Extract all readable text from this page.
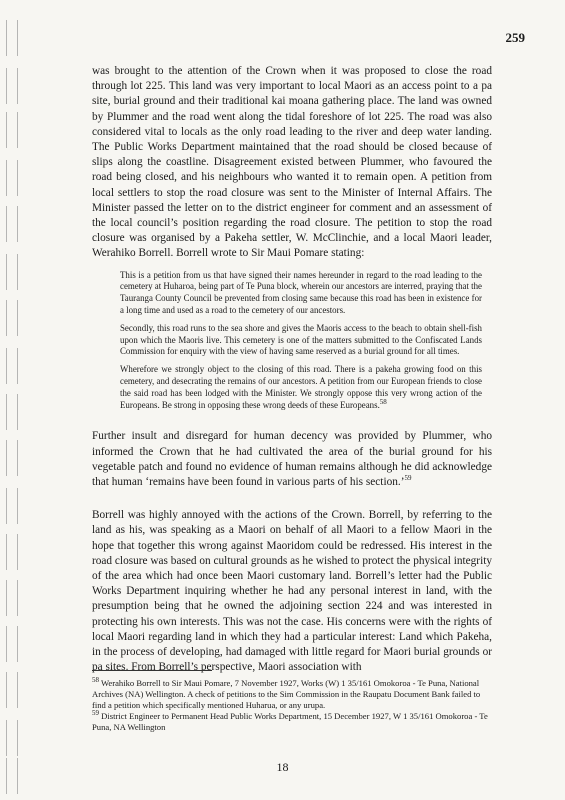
259

was brought to the attention of the Crown when it was proposed to close the road through lot 225. This land was very important to local Maori as an access point to a pa site, burial ground and their traditional kai moana gathering place. The land was owned by Plummer and the road went along the tidal foreshore of lot 225. The road was also considered vital to locals as the only road leading to the river and deep water landing. The Public Works Department maintained that the road should be closed because of slips along the coastline. Disagreement existed between Plummer, who favoured the road being closed, and his neighbours who wanted it to remain open. A petition from local settlers to stop the road closure was sent to the Minister of Internal Affairs. The Minister passed the letter on to the district engineer for comment and an assessment of the local council’s position regarding the road closure. The petition to stop the road closure was organised by a Pakeha settler, W. McClinchie, and a local Maori leader, Werahiko Borrell. Borrell wrote to Sir Maui Pomare stating:

This is a petition from us that have signed their names hereunder in regard to the road leading to the cemetery at Huharoa, being part of Te Puna block, wherein our ancestors are interred, praying that the Tauranga County Council be prevented from closing same because this road has been in existence for a long time and used as a road to the cemetery of our ancestors.

Secondly, this road runs to the sea shore and gives the Maoris access to the beach to obtain shell-fish upon which the Maoris live. This cemetery is one of the matters submitted to the Confiscated Lands Commission for enquiry with the view of having same reserved as a burial ground for all times.

Wherefore we strongly object to the closing of this road. There is a pakeha growing food on this cemetery, and desecrating the remains of our ancestors. A petition from our European friends to close the said road has been lodged with the Minister. We strongly oppose this very wrong action of the Europeans. Be strong in opposing these wrong deeds of these Europeans.$^{58}$

Further insult and disregard for human decency was provided by Plummer, who informed the Crown that he had cultivated the area of the burial ground for his vegetable patch and found no evidence of human remains although he did acknowledge that human ‘remains have been found in various parts of his section.’$^{59}$

Borrell was highly annoyed with the actions of the Crown. Borrell, by referring to the land as his, was speaking as a Maori on behalf of all Maori to a fellow Maori in the hope that together this wrong against Maoridom could be redressed. His interest in the road closure was based on cultural grounds as he wished to protect the physical integrity of the area which had once been Maori customary land. Borrell’s letter had the Public Works Department inquiring whether he had any personal interest in land, with the presumption being that he owned the adjoining section 224 and was interested in protecting his own interests. This was not the case. His concerns were with the rights of local Maori regarding land in which they had a particular interest: Land which Pakeha, in the process of developing, had damaged with little regard for Maori burial grounds or pa sites. From Borrell’s perspective, Maori association with

$^{58}$ Werahiko Borrell to Sir Maui Pomare, 7 November 1927, Works (W) 1 35/161 Omokoroa - Te Puna, National Archives (NA) Wellington. A check of petitions to the Sim Commission in the Raupatu Document Bank failed to find a petition which specifically mentioned Huharua, or any urupa.

$^{59}$ District Engineer to Permanent Head Public Works Department, 15 December 1927, W 1 35/161 Omokoroa - Te Puna, NA Wellington

18
